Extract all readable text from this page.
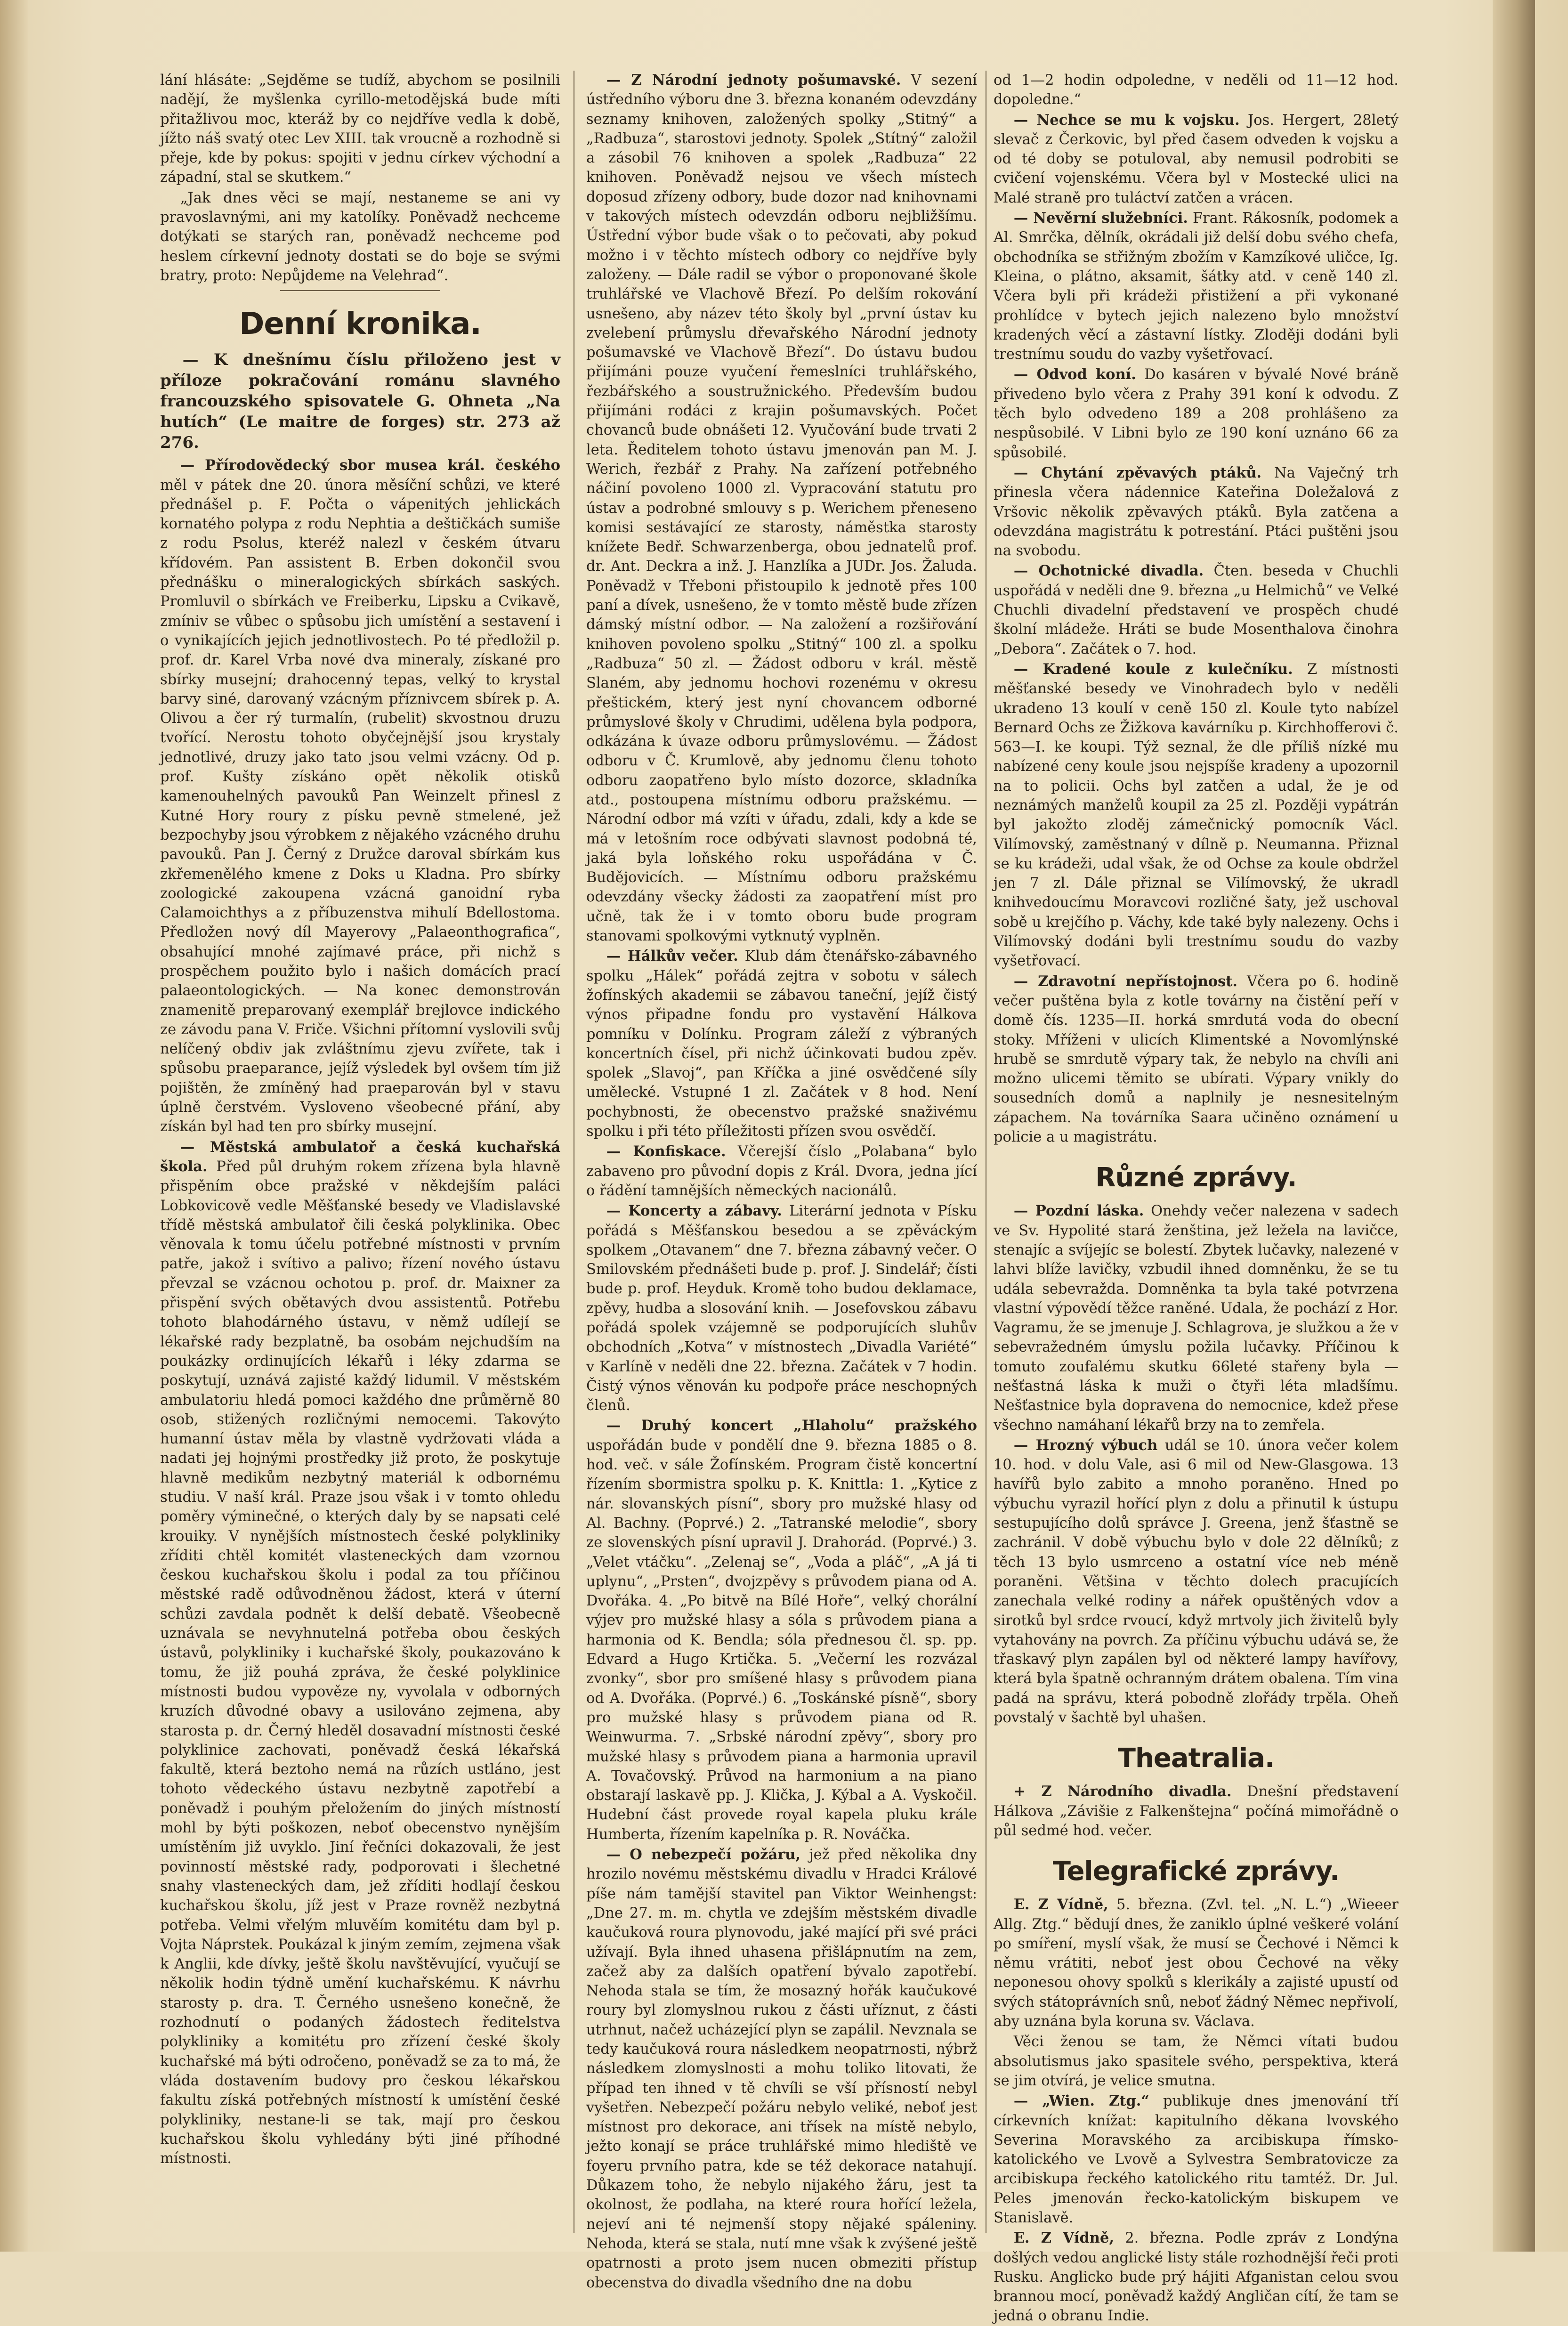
lání hlásáte: „Sejděme se tudíž, abychom se posilnili nadějí, že myšlenka cyrillo-metodějská bude míti přitažlivou moc, kteráž by co nejdříve vedla k době, jížto náš svatý otec Lev XIII. tak vroucně a rozhodně si přeje, kde by pokus: spojiti v jednu církev východní a západní, stal se skutkem.“

„Jak dnes věci se mají, nestaneme se ani vy pravoslavnými, ani my katolíky. Poněvadž nechceme dotýkati se starých ran, poněvadž nechceme pod heslem církevní jednoty dostati se do boje se svými bratry, proto: Nepůjdeme na Velehrad“.

Denní kronika.

— K dnešnímu číslu přiloženo jest v příloze pokračování románu slavného francouzského spisovatele G. Ohneta „Na hutích“ (Le maitre de forges) str. 273 až 276.

— Přírodovědecký sbor musea král. českého měl v pátek dne 20. února měsíční schůzi, ve které přednášel p. F. Počta o vápenitých jehlickách kornatého polypa z rodu Nephtia a deštičkách sumiše z rodu Psolus, kteréž nalezl v českém útvaru křídovém. Pan assistent B. Erben dokončil svou přednášku o mineralogických sbírkách saských. Promluvil o sbírkách ve Freiberku, Lipsku a Cvikavě, zmíniv se vůbec o spůsobu jich umístění a sestavení i o vynikajících jejich jednotlivostech. Po té předložil p. prof. dr. Karel Vrba nové dva mineraly, získané pro sbírky musejní; drahocenný tepas, velký to krystal barvy siné, darovaný vzácným příznivcem sbírek p. A. Olivou a čer rý turmalín, (rubelit) skvostnou druzu tvořící. Nerostu tohoto obyčejnější jsou krystaly jednotlivé, druzy jako tato jsou velmi vzácny. Od p. prof. Kušty získáno opět několik otisků kamenouhelných pavouků Pan Weinzelt přinesl z Kutné Hory roury z písku pevně stmelené, jež bezpochyby jsou výrobkem z nějakého vzácného druhu pavouků. Pan J. Černý z Družce daroval sbírkám kus zkřemenělého kmene z Doks u Kladna. Pro sbírky zoologické zakoupena vzácná ganoidní ryba Calamoichthys a z příbuzenstva mihulí Bdellostoma. Předložen nový díl Mayerovy „Palaeonthografica“, obsahující mnohé zajímavé práce, při nichž s prospěchem použito bylo i našich domácích prací palaeontologických. — Na konec demonstrován znamenitě preparovaný exemplář brejlovce indického ze závodu pana V. Friče. Všichni přítomní vyslovili svůj nelíčený obdiv jak zvláštnímu zjevu zvířete, tak i spůsobu praeparance, jejíž výsledek byl ovšem tím již pojištěn, že zmíněný had praeparován byl v stavu úplně čerstvém. Vysloveno všeobecné přání, aby získán byl had ten pro sbírky musejní.

— Městská ambulatoř a česká kuchařská škola. Před půl druhým rokem zřízena byla hlavně přispěním obce pražské v někdejším paláci Lobkovicově vedle Měšťanské besedy ve Vladislavské třídě městská ambulatoř čili česká polyklinika. Obec věnovala k tomu účelu potřebné místnosti v prvním patře, jakož i svítivo a palivo; řízení nového ústavu převzal se vzácnou ochotou p. prof. dr. Maixner za přispění svých obětavých dvou assistentů. Potřebu tohoto blahodárného ústavu, v němž udílejí se lékařské rady bezplatně, ba osobám nejchudším na poukázky ordinujících lékařů i léky zdarma se poskytují, uznává zajisté každý lidumil. V městském ambulatoriu hledá pomoci každého dne průměrně 80 osob, stižených rozličnými nemocemi. Takovýto humanní ústav měla by vlastně vydržovati vláda a nadati jej hojnými prostředky již proto, že poskytuje hlavně medikům nezbytný materiál k odbornému studiu. V naší král. Praze jsou však i v tomto ohledu poměry výminečné, o kterých daly by se napsati celé krouiky. V nynějších místnostech české polykliniky zříditi chtěl komitét vlasteneckých dam vzornou českou kuchařskou školu i podal za tou příčinou městské radě odůvodněnou žádost, která v úterní schůzi zavdala podnět k delší debatě. Všeobecně uznávala se nevyhnutelná potřeba obou českých ústavů, polykliniky i kuchařské školy, poukazováno k tomu, že již pouhá zpráva, že české polyklinice místnosti budou vypověze ny, vyvolala v odborných kruzích důvodné obavy a usilováno zejmena, aby starosta p. dr. Černý hleděl dosavadní místnosti české polyklinice zachovati, poněvadž česká lékařská fakultě, která beztoho nemá na růzích ustláno, jest tohoto vědeckého ústavu nezbytně zapotřebí a poněvadž i pouhým přeložením do jiných místností mohl by býti poškozen, neboť obecenstvo nynějším umístěním již uvyklo. Jiní řečníci dokazovali, že jest povinností městské rady, podporovati i šlechetné snahy vlasteneckých dam, jež zříditi hodlají českou kuchařskou školu, jíž jest v Praze rovněž nezbytná potřeba. Velmi vřelým mluvěím komitétu dam byl p. Vojta Náprstek. Poukázal k jiným zemím, zejmena však k Anglii, kde dívky, ještě školu navštěvující, vyučují se několik hodin týdně umění kuchařskému. K návrhu starosty p. dra. T. Černého usnešeno konečně, že rozhodnutí o podaných žádostech ředitelstva polykliniky a komitétu pro zřízení české školy kuchařské má býti odročeno, poněvadž se za to má, že vláda dostavením budovy pro českou lékařskou fakultu získá potřebných místností k umístění české polykliniky, nestane-li se tak, mají pro českou kuchařskou školu vyhledány býti jiné příhodné místnosti.

— Z Národní jednoty pošumavské. V sezení ústředního výboru dne 3. března konaném odevzdány seznamy knihoven, založených spolky „Stitný“ a „Radbuza“, starostovi jednoty. Spolek „Stítný“ založil a zásobil 76 knihoven a spolek „Radbuza“ 22 knihoven. Poněvadž nejsou ve všech místech doposud zřízeny odbory, bude dozor nad knihovnami v takových místech odevzdán odboru nejbližšímu. Ústřední výbor bude však o to pečovati, aby pokud možno i v těchto místech odbory co nejdříve byly založeny. — Dále radil se výbor o proponované škole truhlářské ve Vlachově Březí. Po delším rokování usnešeno, aby název této školy byl „první ústav ku zvelebení průmyslu dřevařského Národní jednoty pošumavské ve Vlachově Březí“. Do ústavu budou přijímáni pouze vyučení řemeslníci truhlářského, řezbářského a soustružnického. Především budou přijímáni rodáci z krajin pošumavských. Počet chovanců bude obnášeti 12. Vyučování bude trvati 2 leta. Ředitelem tohoto ústavu jmenován pan M. J. Werich, řezbář z Prahy. Na zařízení potřebného náčiní povoleno 1000 zl. Vypracování statutu pro ústav a podrobné smlouvy s p. Werichem přeneseno komisi sestávající ze starosty, náměstka starosty knížete Bedř. Schwarzenberga, obou jednatelů prof. dr. Ant. Deckra a inž. J. Hanzlíka a JUDr. Jos. Žaluda. Poněvadž v Třeboni přistoupilo k jednotě přes 100 paní a dívek, usnešeno, že v tomto městě bude zřízen dámský místní odbor. — Na založení a rozšiřování knihoven povoleno spolku „Stitný“ 100 zl. a spolku „Radbuza“ 50 zl. — Žádost odboru v král. městě Slaném, aby jednomu hochovi rozenému v okresu přeštickém, který jest nyní chovancem odborné průmyslové školy v Chrudimi, udělena byla podpora, odkázána k úvaze odboru průmyslovému. — Žádost odboru v Č. Krumlově, aby jednomu členu tohoto odboru zaopatřeno bylo místo dozorce, skladníka atd., postoupena místnímu odboru pražskému. — Národní odbor má vzíti v úřadu, zdali, kdy a kde se má v letošním roce odbývati slavnost podobná té, jaká byla loňského roku uspořádána v Č. Budějovicích. — Místnímu odboru pražskému odevzdány všecky žádosti za zaopatření míst pro učně, tak že i v tomto oboru bude program stanovami spolkovými vytknutý vyplněn.

— Hálkův večer. Klub dám čtenářsko-zábavného spolku „Hálek“ pořádá zejtra v sobotu v sálech žofínských akademii se zábavou taneční, jejíž čistý výnos připadne fondu pro vystavění Hálkova pomníku v Dolínku. Program záleží z výbraných koncertních čísel, při nichž účinkovati budou zpěv. spolek „Slavoj“, pan Kříčka a jiné osvědčené síly umělecké. Vstupné 1 zl. Začátek v 8 hod. Není pochybnosti, že obecenstvo pražské snaživému spolku i při této příležitosti přízen svou osvědčí.

— Konfiskace. Včerejší číslo „Polabana“ bylo zabaveno pro původní dopis z Král. Dvora, jedna jící o řádění tamnějších německých nacionálů.

— Koncerty a zábavy. Literární jednota v Písku pořádá s Měšťanskou besedou a se zpěváckým spolkem „Otavanem“ dne 7. března zábavný večer. O Smilovském přednášeti bude p. prof. J. Sindelář; čísti bude p. prof. Heyduk. Kromě toho budou deklamace, zpěvy, hudba a slosování knih. — Josefovskou zábavu pořádá spolek vzájemně se podporujících sluhův obchodních „Kotva“ v místnostech „Divadla Variété“ v Karlíně v neděli dne 22. března. Začátek v 7 hodin. Čistý výnos věnován ku podpoře práce neschopných členů.

— Druhý koncert „Hlaholu“ pražského uspořádán bude v pondělí dne 9. března 1885 o 8. hod. več. v sále Žofínském. Program čistě koncertní řízením sbormistra spolku p. K. Knittla: 1. „Kytice z nár. slovanských písní“, sbory pro mužské hlasy od Al. Bachny. (Poprvé.) 2. „Tatranské melodie“, sbory ze slovenských písní upravil J. Drahorád. (Poprvé.) 3. „Velet vtáčku“. „Zelenaj se“, „Voda a pláč“, „A já ti uplynu“, „Prsten“, dvojzpěvy s průvodem piana od A. Dvořáka. 4. „Po bitvě na Bílé Hoře“, velký chorální výjev pro mužské hlasy a sóla s průvodem piana a harmonia od K. Bendla; sóla přednesou čl. sp. pp. Edvard a Hugo Krtička. 5. „Večerní les rozvázal zvonky“, sbor pro smíšené hlasy s průvodem piana od A. Dvořáka. (Poprvé.) 6. „Toskánské písně“, sbory pro mužské hlasy s průvodem piana od R. Weinwurma. 7. „Srbské národní zpěvy“, sbory pro mužské hlasy s průvodem piana a harmonia upravil A. Tovačovský. Průvod na harmonium a na piano obstarají laskavě pp. J. Klička, J. Kýbal a A. Vyskočil. Hudební část provede royal kapela pluku krále Humberta, řízením kapelníka p. R. Nováčka.

— O nebezpečí požáru, jež před několika dny hrozilo novému městskému divadlu v Hradci Králové píše nám tamější stavitel pan Viktor Weinhengst: „Dne 27. m. m. chytla ve zdejším městském divadle kaučuková roura plynovodu, jaké mající při své práci užívají. Byla ihned uhasena přišlápnutím na zem, začež aby za dalších opatření bývalo zapotřebí. Nehoda stala se tím, že mosazný hořák kaučukové roury byl zlomyslnou rukou z části uříznut, z části utrhnut, načež ucházející plyn se zapálil. Nevznala se tedy kaučuková roura následkem neopatrnosti, nýbrž následkem zlomyslnosti a mohu toliko litovati, že případ ten ihned v tě chvíli se vší přísností nebyl vyšetřen. Nebezpečí požáru nebylo veliké, neboť jest místnost pro dekorace, ani třísek na místě nebylo, ježto konají se práce truhlářské mimo hlediště ve foyeru prvního patra, kde se též dekorace natahují. Důkazem toho, že nebylo nijakého žáru, jest ta okolnost, že podlaha, na které roura hořící ležela, nejeví ani té nejmenší stopy nějaké spáleniny. Nehoda, která se stala, nutí mne však k zvýšené ještě opatrnosti a proto jsem nucen obmeziti přístup obecenstva do divadla všedního dne na dobu

od 1—2 hodin odpoledne, v neděli od 11—12 hod. dopoledne.“

— Nechce se mu k vojsku. Jos. Hergert, 28letý slevač z Čerkovic, byl před časem odveden k vojsku a od té doby se potuloval, aby nemusil podrobiti se cvičení vojenskému. Včera byl v Mostecké ulici na Malé straně pro tuláctví zatčen a vrácen.

— Nevěrní služebníci. Frant. Rákosník, podomek a Al. Smrčka, dělník, okrádali již delší dobu svého chefa, obchodníka se střižným zbožím v Kamzíkové uličce, Ig. Kleina, o plátno, aksamit, šátky atd. v ceně 140 zl. Včera byli při krádeži přistižení a při vykonané prohlídce v bytech jejich nalezeno bylo množství kradených věcí a zástavní lístky. Zloději dodáni byli trestnímu soudu do vazby vyšetřovací.

— Odvod koní. Do kasáren v bývalé Nové bráně přivedeno bylo včera z Prahy 391 koní k odvodu. Z těch bylo odvedeno 189 a 208 prohlášeno za nespůsobilé. V Libni bylo ze 190 koní uznáno 66 za spůsobilé.

— Chytání zpěvavých ptáků. Na Vaječný trh přinesla včera nádennice Kateřina Doležalová z Vršovic několik zpěvavých ptáků. Byla zatčena a odevzdána magistrátu k potrestání. Ptáci puštěni jsou na svobodu.

— Ochotnické divadla. Čten. beseda v Chuchli uspořádá v neděli dne 9. března „u Helmichů“ ve Velké Chuchli divadelní představení ve prospěch chudé školní mládeže. Hráti se bude Mosenthalova činohra „Debora“. Začátek o 7. hod.

— Kradené koule z kulečníku. Z místnosti měšťanské besedy ve Vinohradech bylo v neděli ukradeno 13 koulí v ceně 150 zl. Koule tyto nabízel Bernard Ochs ze Žižkova kavárníku p. Kirchhofferovi č. 563—I. ke koupi. Týž seznal, že dle příliš nízké mu nabízené ceny koule jsou nejspíše kradeny a upozornil na to policii. Ochs byl zatčen a udal, že je od neznámých manželů koupil za 25 zl. Později vypátrán byl jakožto zloděj zámečnický pomocník Václ. Vilímovský, zaměstnaný v dílně p. Neumanna. Přiznal se ku krádeži, udal však, že od Ochse za koule obdržel jen 7 zl. Dále přiznal se Vilímovský, že ukradl knihvedoucímu Moravcovi rozličné šaty, jež uschoval sobě u krejčího p. Váchy, kde také byly nalezeny. Ochs i Vilímovský dodáni byli trestnímu soudu do vazby vyšetřovací.

— Zdravotní nepřístojnost. Včera po 6. hodině večer puštěna byla z kotle továrny na čistění peří v domě čís. 1235—II. horká smrdutá voda do obecní stoky. Mříženi v ulicích Klimentské a Novomlýnské hrubě se smrdutě výpary tak, že nebylo na chvíli ani možno ulicemi těmito se ubírati. Výpary vnikly do sousedních domů a naplnily je nesnesitelným zápachem. Na továrníka Saara učiněno oznámení u policie a u magistrátu.

Různé zprávy.

— Pozdní láska. Onehdy večer nalezena v sadech ve Sv. Hypolité stará ženština, jež ležela na lavičce, stenajíc a svíjejíc se bolestí. Zbytek lučavky, nalezené v lahvi blíže lavičky, vzbudil ihned domněnku, že se tu udála sebevražda. Domněnka ta byla také potvrzena vlastní výpovědí těžce raněné. Udala, že pochází z Hor. Vagramu, že se jmenuje J. Schlagrova, je služkou a že v sebevražedném úmyslu požila lučavky. Příčinou k tomuto zoufalému skutku 66leté stařeny byla — nešťastná láska k muži o čtyři léta mladšímu. Nešťastnice byla dopravena do nemocnice, kdež přese všechno namáhaní lékařů brzy na to zemřela.

— Hrozný výbuch udál se 10. února večer kolem 10. hod. v dolu Vale, asi 6 mil od New-Glasgowa. 13 havířů bylo zabito a mnoho poraněno. Hned po výbuchu vyrazil hořící plyn z dolu a přinutil k ústupu sestupujícího dolů správce J. Greena, jenž šťastně se zachránil. V době výbuchu bylo v dole 22 dělníků; z těch 13 bylo usmrceno a ostatní více neb méně poraněni. Většina v těchto dolech pracujících zanechala velké rodiny a nářek opuštěných vdov a sirotků byl srdce rvoucí, když mrtvoly jich živitelů byly vytahovány na povrch. Za příčinu výbuchu udává se, že třaskavý plyn zapálen byl od některé lampy havířovy, která byla špatně ochranným drátem obalena. Tím vina padá na správu, která pobodně zlořády trpěla. Oheň povstalý v šachtě byl uhašen.

Theatralia.

+ Z Národního divadla. Dnešní představení Hálkova „Závišie z Falkenštejna“ počíná mimořádně o půl sedmé hod. večer.

Telegrafické zprávy.

E. Z Vídně, 5. března. (Zvl. tel. „N. L.“) „Wieeer Allg. Ztg.“ bědují dnes, že zaniklo úplné veškeré volání po smíření, myslí však, že musí se Čechové i Němci k němu vrátiti, neboť jest obou Čechové na věky neponesou ohovy spolků s klerikály a zajisté upustí od svých státoprávních snů, neboť žádný Němec nepřivolí, aby uznána byla koruna sv. Václava.

Věci ženou se tam, že Němci vítati budou absolutismus jako spasitele svého, perspektiva, která se jim otvírá, je velice smutna.

— „Wien. Ztg.“ publikuje dnes jmenování tří církevních knížat: kapitulního děkana lvovského Severina Moravského za arcibiskupa římsko-katolického ve Lvově a Sylvestra Sembratovicze za arcibiskupa řeckého katolického ritu tamtéž. Dr. Jul. Peles jmenován řecko-katolickým biskupem ve Stanislavě.

E. Z Vídně, 2. března. Podle zpráv z Londýna došlých vedou anglické listy stále rozhodnější řeči proti Rusku. Anglicko bude prý hájiti Afganistan celou svou brannou mocí, poněvadž každý Angličan cítí, že tam se jedná o obranu Indie.
